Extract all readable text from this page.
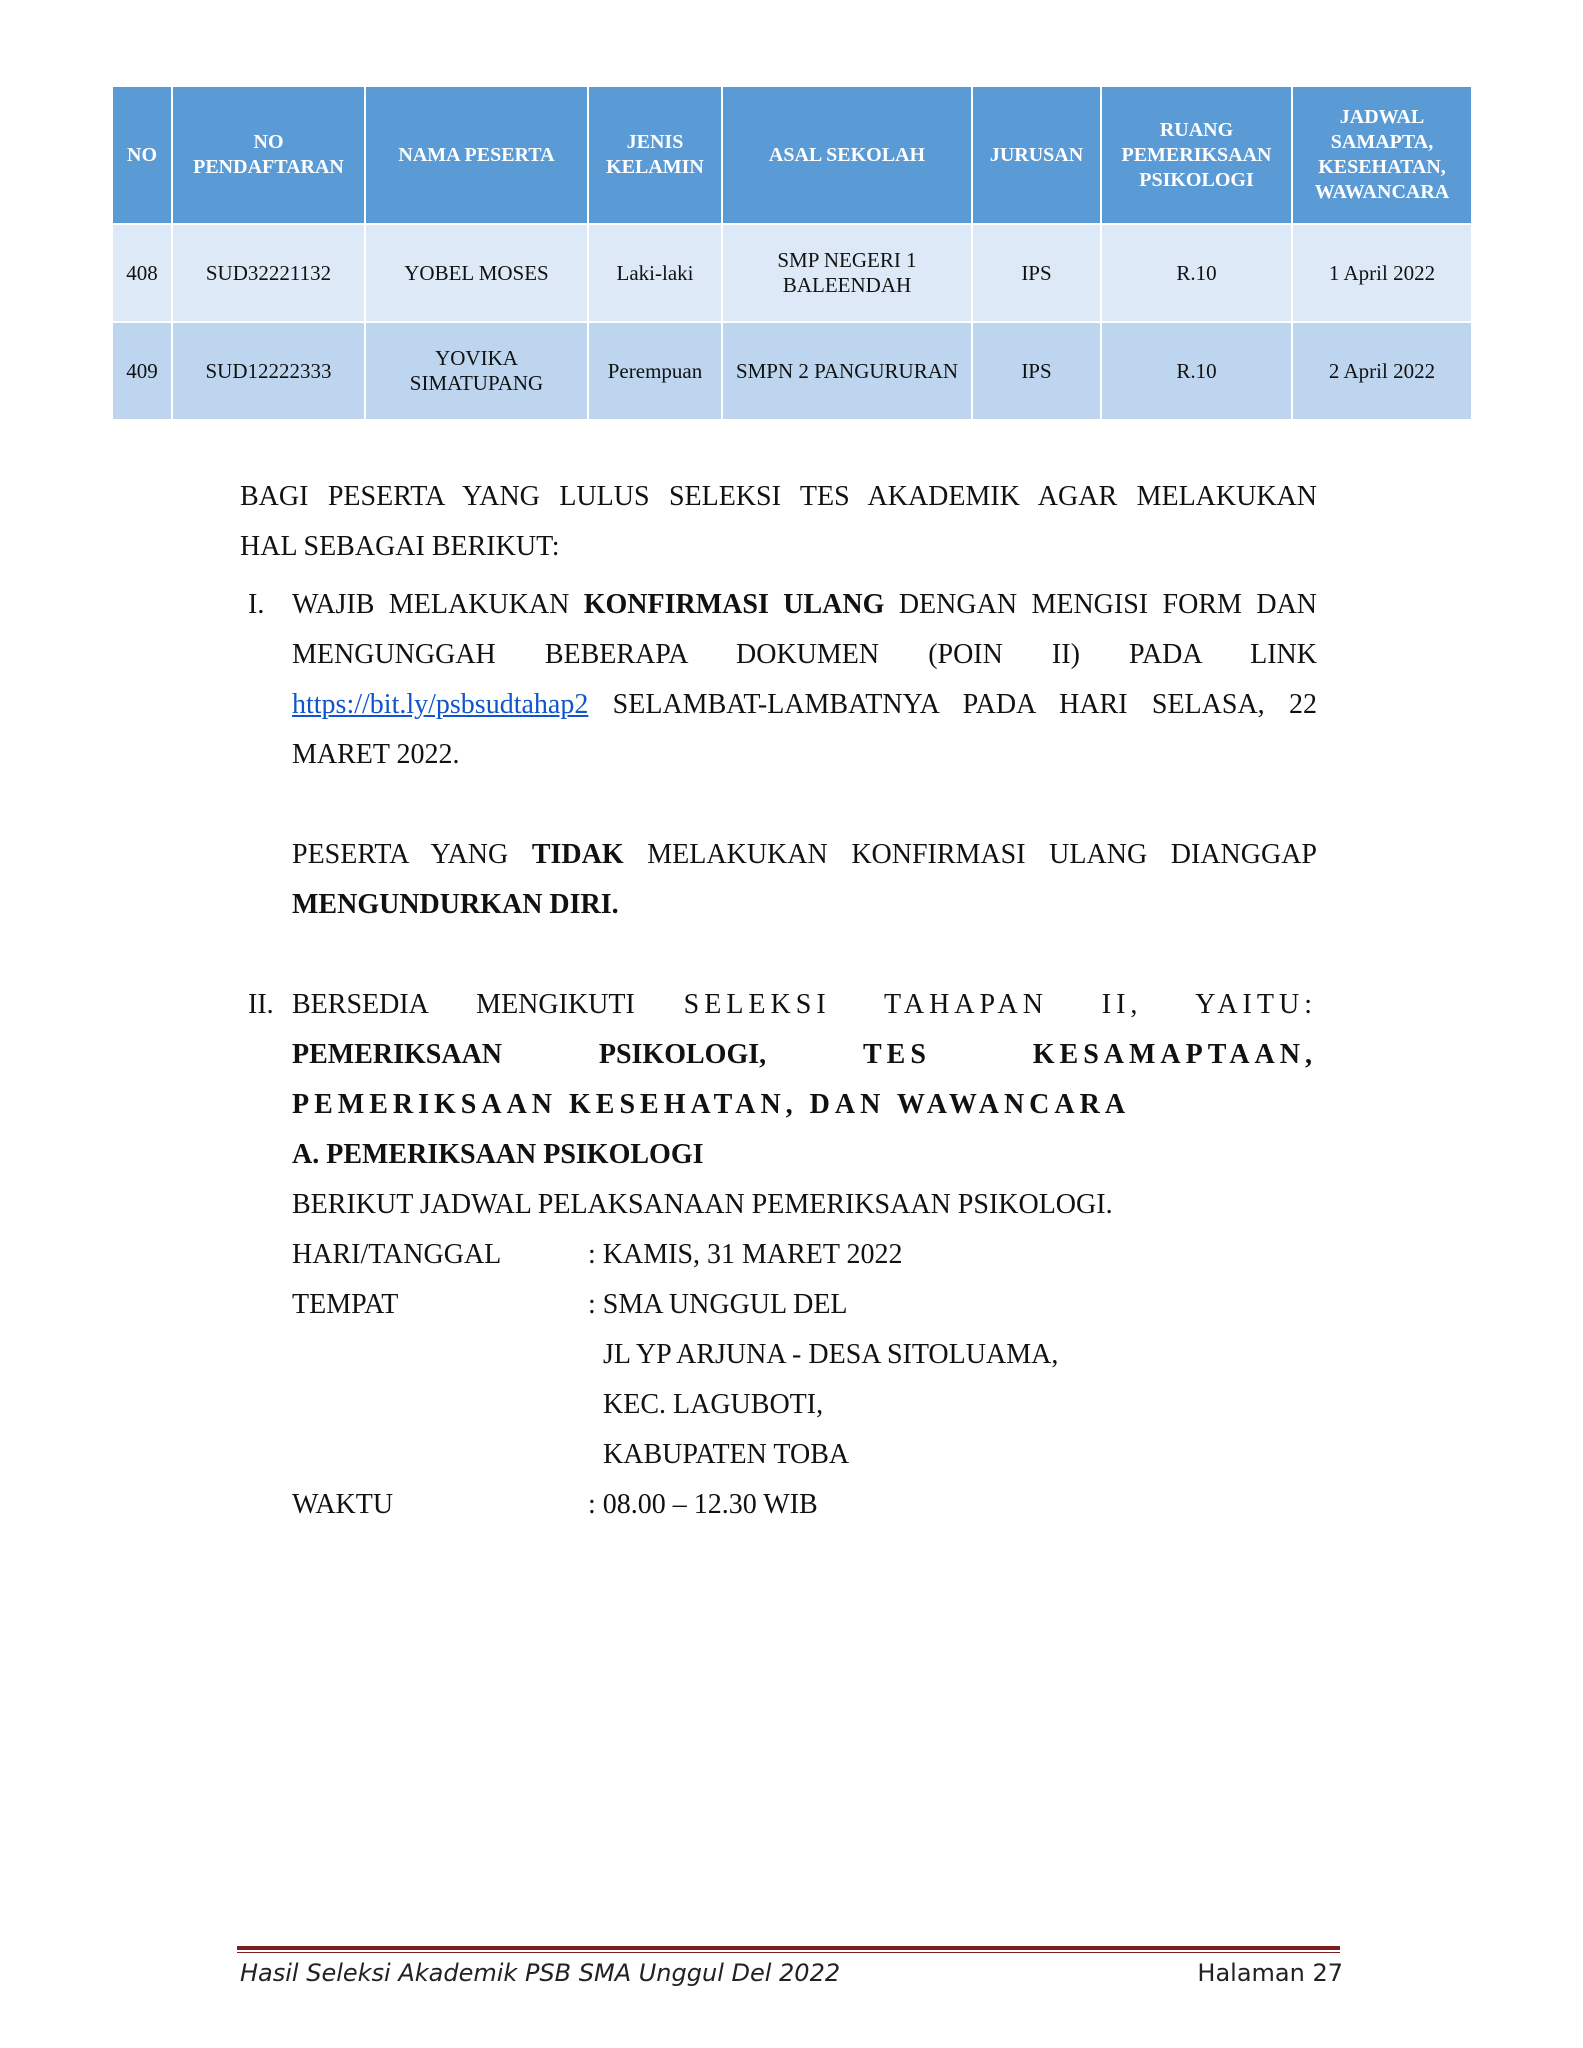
NO	NO PENDAFTARAN	NAMA PESERTA	JENIS KELAMIN	ASAL SEKOLAH	JURUSAN	RUANG PEMERIKSAAN PSIKOLOGI	JADWAL SAMAPTA, KESEHATAN, WAWANCARA
408	SUD32221132	YOBEL MOSES	Laki-laki	SMP NEGERI 1 BALEENDAH	IPS	R.10	1 April 2022
409	SUD12222333	YOVIKA SIMATUPANG	Perempuan	SMPN 2 PANGURURAN	IPS	R.10	2 April 2022
BAGI PESERTA YANG LULUS SELEKSI TES AKADEMIK AGAR MELAKUKAN
HAL SEBAGAI BERIKUT:
I. WAJIB MELAKUKAN KONFIRMASI ULANG DENGAN MENGISI FORM DAN
MENGUNGGAH BEBERAPA DOKUMEN (POIN II) PADA LINK
https://bit.ly/psbsudtahap2 SELAMBAT-LAMBATNYA PADA HARI SELASA, 22
MARET 2022.
PESERTA YANG TIDAK MELAKUKAN KONFIRMASI ULANG DIANGGAP
MENGUNDURKAN DIRI.
II. BERSEDIA MENGIKUTI SELEKSI TAHAPAN II, YAITU:
PEMERIKSAAN PSIKOLOGI, TES KESAMAPTAAN,
PEMERIKSAAN KESEHATAN, DAN WAWANCARA
A. PEMERIKSAAN PSIKOLOGI
BERIKUT JADWAL PELAKSANAAN PEMERIKSAAN PSIKOLOGI.
HARI/TANGGAL	: KAMIS, 31 MARET 2022
TEMPAT	: SMA UNGGUL DEL
JL YP ARJUNA - DESA SITOLUAMA,
KEC. LAGUBOTI,
KABUPATEN TOBA
WAKTU	: 08.00 – 12.30 WIB
Hasil Seleksi Akademik PSB SMA Unggul Del 2022	Halaman 27
